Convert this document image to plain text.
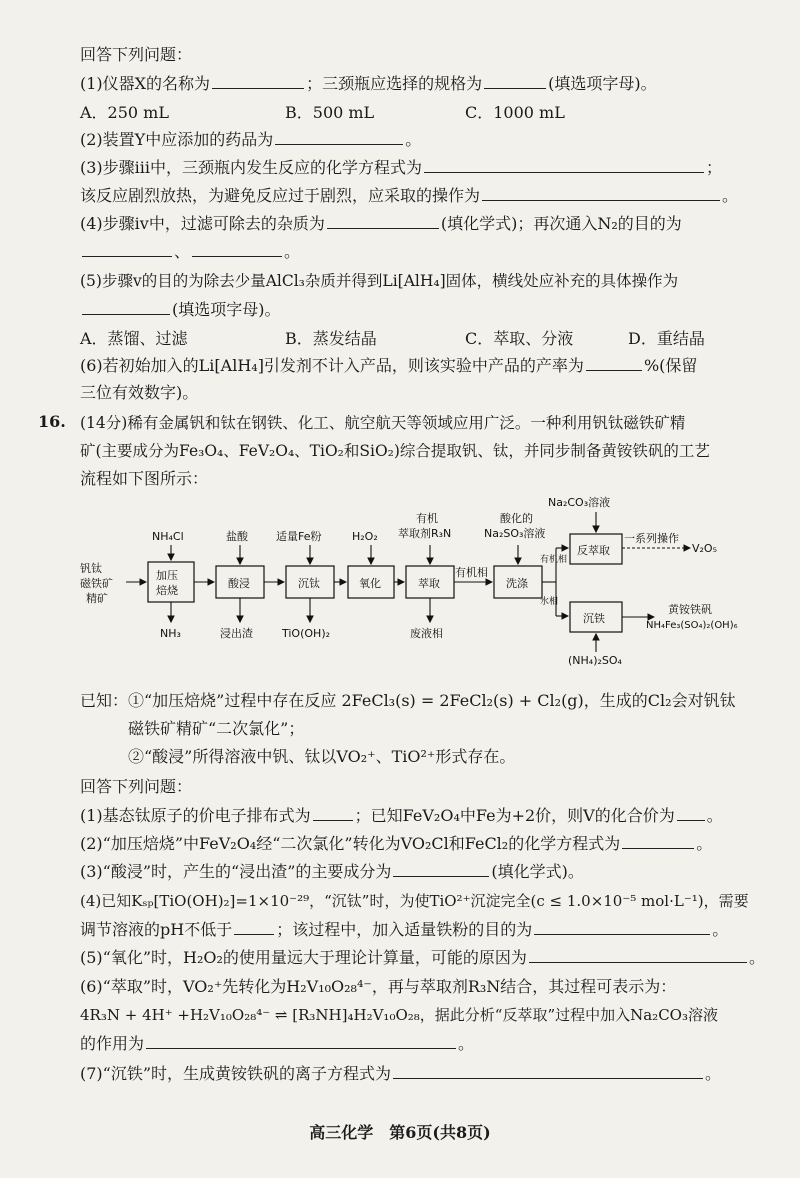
回答下列问题：
(1)仪器X的名称为	；三颈瓶应选择的规格为	(填选项字母)。
A．250 mL	B．500 mL	C．1000 mL
(2)装置Y中应添加的药品为	。
(3)步骤iii中，三颈瓶内发生反应的化学方程式为	；
该反应剧烈放热，为避免反应过于剧烈，应采取的操作为	。
(4)步骤iv中，过滤可除去的杂质为	(填化学式)；再次通入N₂的目的为
、	。
(5)步骤v的目的为除去少量AlCl₃杂质并得到Li[AlH₄]固体，横线处应补充的具体操作为
(填选项字母)。
A．蒸馏、过滤	B．蒸发结晶	C．萃取、分液	D．重结晶
(6)若初始加入的Li[AlH₄]引发剂不计入产品，则该实验中产品的产率为	%(保留
三位有效数字)。
16. (14分)稀有金属钒和钛在钢铁、化工、航空航天等领域应用广泛。一种利用钒钛磁铁矿精
矿(主要成分为Fe₃O₄、FeV₂O₄、TiO₂和SiO₂)综合提取钒、钛，并同步制备黄铵铁矾的工艺
流程如下图所示：
钒钛
磁铁矿
精矿
加压
焙烧
NH₄Cl
NH₃
酸浸
盐酸
浸出渣
沉钛
适量Fe粉
TiO(OH)₂
氧化
H₂O₂
萃取
有机
萃取剂R₃N
废液相
有机相
洗涤
酸化的
Na₂SO₃溶液
有机相
水相
反萃取
Na₂CO₃溶液
一系列操作
V₂O₅
沉铁
黄铵铁矾
NH₄Fe₃(SO₄)₂(OH)₆
(NH₄)₂SO₄
已知：①“加压焙烧”过程中存在反应 2FeCl₃(s) = 2FeCl₂(s) + Cl₂(g)，生成的Cl₂会对钒钛
磁铁矿精矿“二次氯化”；
②“酸浸”所得溶液中钒、钛以VO₂⁺、TiO²⁺形式存在。
回答下列问题：
(1)基态钛原子的价电子排布式为	；已知FeV₂O₄中Fe为+2价，则V的化合价为 。
(2)“加压焙烧”中FeV₂O₄经“二次氯化”转化为VO₂Cl和FeCl₂的化学方程式为	。
(3)“酸浸”时，产生的“浸出渣”的主要成分为	(填化学式)。
(4)已知Kₛₚ[TiO(OH)₂]=1×10⁻²⁹，“沉钛”时，为使TiO²⁺沉淀完全(c ≤ 1.0×10⁻⁵ mol·L⁻¹)，需要
调节溶液的pH不低于	；该过程中，加入适量铁粉的目的为	。
(5)“氧化”时，H₂O₂的使用量远大于理论计算量，可能的原因为	。
(6)“萃取”时，VO₂⁺先转化为H₂V₁₀O₂₈⁴⁻，再与萃取剂R₃N结合，其过程可表示为：
4R₃N + 4H⁺ +H₂V₁₀O₂₈⁴⁻ ⇌ [R₃NH]₄H₂V₁₀O₂₈，据此分析“反萃取”过程中加入Na₂CO₃溶液
的作用为	。
(7)“沉铁”时，生成黄铵铁矾的离子方程式为	。
高三化学　第6页(共8页)
